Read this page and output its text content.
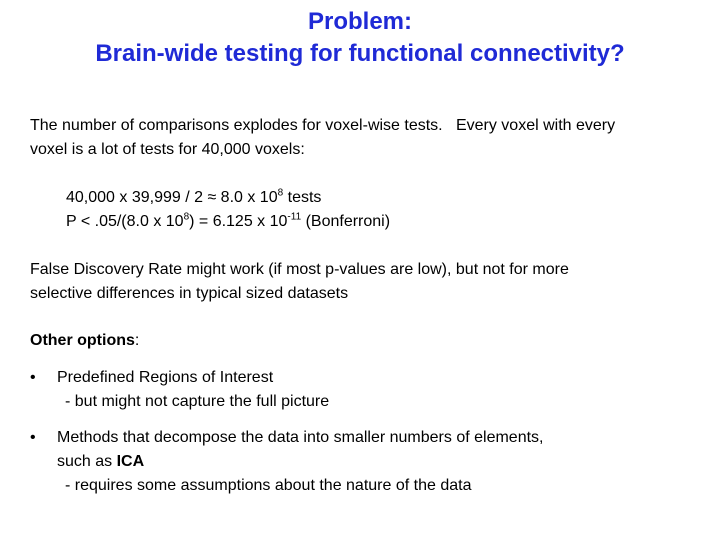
Problem:
Brain-wide testing for functional connectivity?
The number of comparisons explodes for voxel-wise tests.   Every voxel with every
voxel is a lot of tests for 40,000 voxels:
40,000 x 39,999 / 2 ≈ 8.0 x $10^8$ tests
P < .05/(8.0 x $10^8) = 6.125$ x $10^{-11}$ (Bonferroni)
False Discovery Rate might work (if most p-values are low), but not for more
selective differences in typical sized datasets
Other options:
• Predefined Regions of Interest
- but might not capture the full picture
• Methods that decompose the data into smaller numbers of elements,
such as ICA
- requires some assumptions about the nature of the data
